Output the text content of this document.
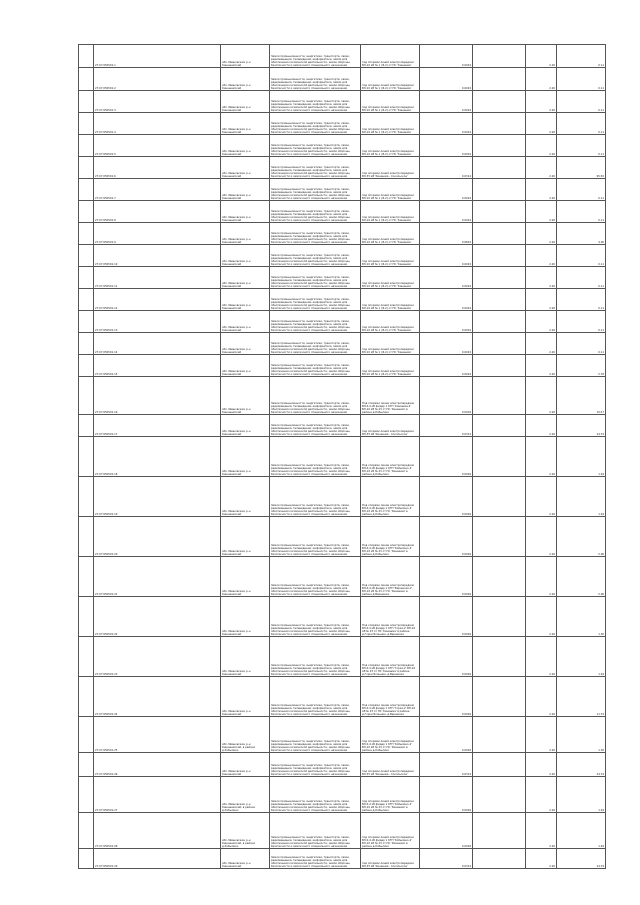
	27:07:050501:1	обл. Ивановская, р-н Кинешемский	Земли промышленности, энергетики, транспорта, связи, радиовещания, телевидения, информатики, земли для обеспечения космической деятельности, земли обороны, безопасности и земли иного специального назначения	под опорами линий электропередачи ВЛ-10 кВ № 1 (Ф-2) от ПС 'Кинешма'	0.0024		2.20	0.11
	27:07:050501:2	обл. Ивановская, р-н Кинешемский	Земли промышленности, энергетики, транспорта, связи, радиовещания, телевидения, информатики, земли для обеспечения космической деятельности, земли обороны, безопасности и земли иного специального назначения	под опорами линий электропередачи ВЛ-10 кВ № 1 (Ф-2) от ПС 'Кинешма'	0.0024		2.20	0.11
	27:07:050501:3	обл. Ивановская, р-н Кинешемский	Земли промышленности, энергетики, транспорта, связи, радиовещания, телевидения, информатики, земли для обеспечения космической деятельности, земли обороны, безопасности и земли иного специального назначения	под опорами линий электропередачи ВЛ-10 кВ № 1 (Ф-2) от ПС 'Кинешма'	0.0024		2.20	0.11
	27:07:050501:4	обл. Ивановская, р-н Кинешемский	Земли промышленности, энергетики, транспорта, связи, радиовещания, телевидения, информатики, земли для обеспечения космической деятельности, земли обороны, безопасности и земли иного специального назначения	под опорами линий электропередачи ВЛ-10 кВ № 1 (Ф-2) от ПС 'Кинешма'	0.0024		2.20	0.11
	27:07:050501:5	обл. Ивановская, р-н Кинешемский	Земли промышленности, энергетики, транспорта, связи, радиовещания, телевидения, информатики, земли для обеспечения космической деятельности, земли обороны, безопасности и земли иного специального назначения	под опорами линий электропередачи ВЛ-10 кВ № 1 (Ф-2) от ПС 'Кинешма'	0.0024		2.20	0.11
	27:07:050501:6	обл. Ивановская, р-н Кинешемский	Земли промышленности, энергетики, транспорта, связи, радиовещания, телевидения, информатики, земли для обеспечения космической деятельности, земли обороны, безопасности и земли иного специального назначения	под опорами линий электропередачи ВЛ-35 кВ 'Кинешма - Сокольское'	0.0314		2.20	65.56
	27:07:050501:7	обл. Ивановская, р-н Кинешемский	Земли промышленности, энергетики, транспорта, связи, радиовещания, телевидения, информатики, земли для обеспечения космической деятельности, земли обороны, безопасности и земли иного специального назначения	под опорами линий электропередачи ВЛ-10 кВ № 1 (Ф-2) от ПС 'Кинешма'	0.0024		2.20	0.11
	27:07:050501:8	обл. Ивановская, р-н Кинешемский	Земли промышленности, энергетики, транспорта, связи, радиовещания, телевидения, информатики, земли для обеспечения космической деятельности, земли обороны, безопасности и земли иного специального назначения	под опорами линий электропередачи ВЛ-10 кВ № 1 (Ф-2) от ПС 'Кинешма'	0.0024		2.20	0.11
	27:07:050501:9	обл. Ивановская, р-н Кинешемский	Земли промышленности, энергетики, транспорта, связи, радиовещания, телевидения, информатики, земли для обеспечения космической деятельности, земли обороны, безопасности и земли иного специального назначения	под опорами линий электропередачи ВЛ-10 кВ № 1 (Ф-2) от ПС 'Кинешма'	0.0824		2.20	4.00
	27:07:050501:10	обл. Ивановская, р-н Кинешемский	Земли промышленности, энергетики, транспорта, связи, радиовещания, телевидения, информатики, земли для обеспечения космической деятельности, земли обороны, безопасности и земли иного специального назначения	под опорами линий электропередачи ВЛ-10 кВ № 1 (Ф-2) от ПС 'Кинешма'	0.0024		2.20	0.11
	27:07:050501:11	обл. Ивановская, р-н Кинешемский	Земли промышленности, энергетики, транспорта, связи, радиовещания, телевидения, информатики, земли для обеспечения космической деятельности, земли обороны, безопасности и земли иного специального назначения	под опорами линий электропередачи ВЛ-10 кВ № 1 (Ф-2) от ПС 'Кинешма'	0.0024		2.20	0.11
	27:07:050501:12	обл. Ивановская, р-н Кинешемский	Земли промышленности, энергетики, транспорта, связи, радиовещания, телевидения, информатики, земли для обеспечения космической деятельности, земли обороны, безопасности и земли иного специального назначения	под опорами линий электропередачи ВЛ-10 кВ № 1 (Ф-2) от ПС 'Кинешма'	0.0024		2.20	0.11
	27:07:050501:13	обл. Ивановская, р-н Кинешемский	Земли промышленности, энергетики, транспорта, связи, радиовещания, телевидения, информатики, земли для обеспечения космической деятельности, земли обороны, безопасности и земли иного специального назначения	под опорами линий электропередачи ВЛ-10 кВ № 1 (Ф-2) от ПС 'Кинешма'	0.0024		2.20	0.11
	27:07:050501:14	обл. Ивановская, р-н Кинешемский	Земли промышленности, энергетики, транспорта, связи, радиовещания, телевидения, информатики, земли для обеспечения космической деятельности, земли обороны, безопасности и земли иного специального назначения	под опорами линий электропередачи ВЛ-10 кВ № 1 (Ф-2) от ПС 'Кинешма'	0.0024		2.20	0.11
	27:07:050501:15	обл. Ивановская, р-н Кинешемский	Земли промышленности, энергетики, транспорта, связи, радиовещания, телевидения, информатики, земли для обеспечения космической деятельности, земли обороны, безопасности и земли иного специального назначения	под опорами линий электропередачи ВЛ-10 кВ № 1 (Ф-2) от ПС 'Кинешма'	0.0024		2.20	5.78
	27:07:050501:16	обл. Ивановская, р-н Кинешемский	Земли промышленности, энергетики, транспорта, связи, радиовещания, телевидения, информатики, земли для обеспечения космической деятельности, земли обороны, безопасности и земли иного специального назначения	Под опорами линии электропередачи ВЛ-0,4 кВ фидер 1 КТП 'Кинешма-2' ВЛ-10 кВ № 23 от ПС 'Кинешма' в районе д.Кобылино	0.0004		2.20	10.57
	27:07:050501:17	обл. Ивановская, р-н Кинешемский	Земли промышленности, энергетики, транспорта, связи, радиовещания, телевидения, информатики, земли для обеспечения космической деятельности, земли обороны, безопасности и земли иного специального назначения	под опорами линий электропередачи ВЛ-35 кВ 'Кинешма - Сокольское'	0.0314		2.20	24.79
	27:07:050501:18	обл. Ивановская, р-н Кинешемский	Земли промышленности, энергетики, транспорта, связи, радиовещания, телевидения, информатики, земли для обеспечения космической деятельности, земли обороны, безопасности и земли иного специального назначения	Под опорами линии электропередачи ВЛ-0,4 кВ фидер 1 КТП 'Кобылино-2' ВЛ-10 кВ № 23 от ПС 'Кинешма' в районе д.Кобылино	0.0004		2.20	1.94
	27:07:050501:19	обл. Ивановская, р-н Кинешемский	Земли промышленности, энергетики, транспорта, связи, радиовещания, телевидения, информатики, земли для обеспечения космической деятельности, земли обороны, безопасности и земли иного специального назначения	Под опорами линии электропередачи ВЛ-0,4 кВ фидер 1 КТП 'Кобылино-2' ВЛ-10 кВ № 23 от ПС 'Кинешма' в районе д.Кобылино	0.0004		2.20	1.94
	27:07:050501:20	обл. Ивановская, р-н Кинешемский	Земли промышленности, энергетики, транспорта, связи, радиовещания, телевидения, информатики, земли для обеспечения космической деятельности, земли обороны, безопасности и земли иного специального назначения	Под опорами линии электропередачи ВЛ-0,4 кВ фидер 1 КТП 'Кобылино-2' ВЛ-10 кВ № 23 от ПС 'Кинешма' в районе д.Кобылино	0.0004		2.20	5.06
	27:07:050501:21	обл. Ивановская, р-н Кинешемский	Земли промышленности, энергетики, транспорта, связи, радиовещания, телевидения, информатики, земли для обеспечения космической деятельности, земли обороны, безопасности и земли иного специального назначения	Под опорами линии электропередачи ВЛ-0,4 кВ фидер 1 КТП 'Вершинки-2' ВЛ-10 кВ № 23 от ПС 'Кинешма' в районе д.Вершинки	0.0004		2.20	5.06
	27:07:050501:22	обл. Ивановская, р-н Кинешемский	Земли промышленности, энергетики, транспорта, связи, радиовещания, телевидения, информатики, земли для обеспечения космической деятельности, земли обороны, безопасности и земли иного специального назначения	Под опорами линии электропередачи ВЛ-0,4 кВ фидер 1 КТП 'Горки-2' ВЛ-10 кВ № 23 от ПС 'Кинешма' в районе д.Горки Большие, д.Вершинки	0.0004		2.20	1.30
	27:07:050501:23	обл. Ивановская, р-н Кинешемский	Земли промышленности, энергетики, транспорта, связи, радиовещания, телевидения, информатики, земли для обеспечения космической деятельности, земли обороны, безопасности и земли иного специального назначения	Под опорами линии электропередачи ВЛ-0,4 кВ фидер 1 КТП 'Горки-2' ВЛ-10 кВ № 23 от ПС 'Кинешма' в районе д.Горки Большие, д.Вершинки	0.0004		2.20	1.94
	27:07:050501:24	обл. Ивановская, р-н Кинешемский	Земли промышленности, энергетики, транспорта, связи, радиовещания, телевидения, информатики, земли для обеспечения космической деятельности, земли обороны, безопасности и земли иного специального назначения	Под опорами линии электропередачи ВЛ-0,4 кВ фидер 1 КТП 'Горки-2' ВЛ-10 кВ № 23 от ПС 'Кинешма' в районе д.Горки Большие, д.Вершинки	0.0004		2.20	11.79
	27:07:050501:25	обл. Ивановская, р-н Кинешемский, в районе д.Кобылино	Земли промышленности, энергетики, транспорта, связи, радиовещания, телевидения, информатики, земли для обеспечения космической деятельности, земли обороны, безопасности и земли иного специального назначения	под опорами линий электропередачи ВЛ-0,4 кВ фидер 1 КТП 'Кобылино-2' ВЛ-10 кВ № 23 от ПС 'Кинешма' в районе д.Кобылино	0.0004		2.20	1.30
	27:07:050501:26	обл. Ивановская, р-н Кинешемский	Земли промышленности, энергетики, транспорта, связи, радиовещания, телевидения, информатики, земли для обеспечения космической деятельности, земли обороны, безопасности и земли иного специального назначения	под опорами линий электропередачи ВЛ-35 кВ 'Кинешма - Сокольское'	0.0314		2.20	24.79
	27:07:050501:27	обл. Ивановская, р-н Кинешемский, в районе д.Кобылино	Земли промышленности, энергетики, транспорта, связи, радиовещания, телевидения, информатики, земли для обеспечения космической деятельности, земли обороны, безопасности и земли иного специального назначения	под опорами линий электропередачи ВЛ-0,4 кВ фидер 1 КТП 'Кобылино-2' ВЛ-10 кВ № 23 от ПС 'Кинешма' в районе д.Кобылино	0.0004		2.20	1.94
	27:07:050501:28	обл. Ивановская, р-н Кинешемский, в районе д.Кобылино	Земли промышленности, энергетики, транспорта, связи, радиовещания, телевидения, информатики, земли для обеспечения космической деятельности, земли обороны, безопасности и земли иного специального назначения	под опорами линий электропередачи ВЛ-0,4 кВ фидер 1 КТП 'Кобылино-2' ВЛ-10 кВ № 23 от ПС 'Кинешма' в районе д.Кобылино	0.0004		2.20	1.94
	27:07:050501:29	обл. Ивановская, р-н Кинешемский	Земли промышленности, энергетики, транспорта, связи, радиовещания, телевидения, информатики, земли для обеспечения космической деятельности, земли обороны, безопасности и земли иного специального назначения	под опорами линий электропередачи ВЛ-35 кВ 'Кинешма - Сокольское'	0.0314		2.20	24.79
